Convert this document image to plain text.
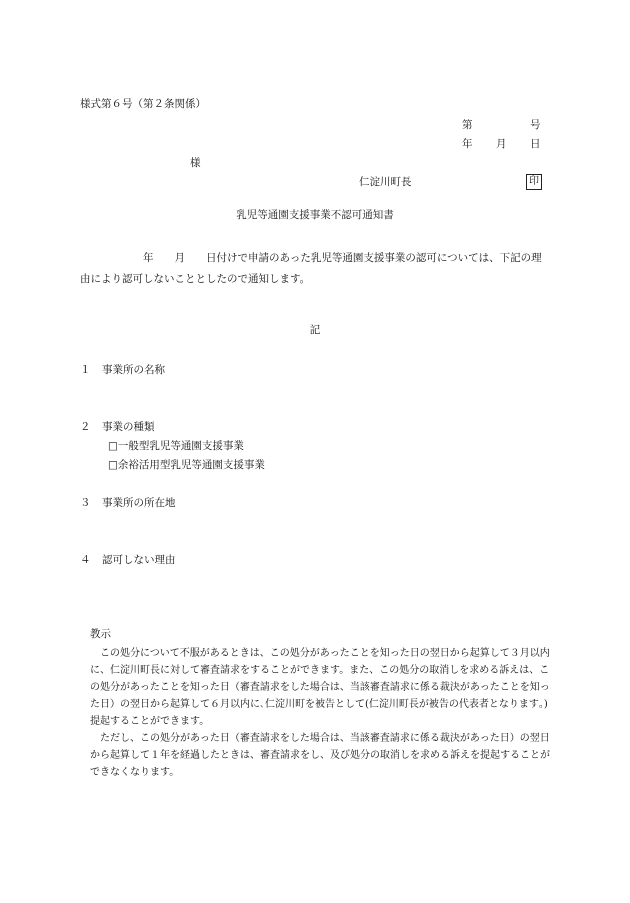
様式第６号（第２条関係）
第	号
年 月 日
様
仁淀川町長	印
乳児等通園支援事業不認可通知書
　　　　　　年　　月　　日付けで申請のあった乳児等通園支援事業の認可については、下記の理
由により認可しないこととしたので通知します。
記
１ 事業所の名称
２ 事業の種類
□一般型乳児等通園支援事業
□余裕活用型乳児等通園支援事業
３ 事業所の所在地
４ 認可しない理由
教示
　この処分について不服があるときは、この処分があったことを知った日の翌日から起算して３月以内
に、仁淀川町長に対して審査請求をすることができます。また、この処分の取消しを求める訴えは、こ
の処分があったことを知った日（審査請求をした場合は、当該審査請求に係る裁決があったことを知っ
た日）の翌日から起算して６月以内に､仁淀川町を被告として(仁淀川町長が被告の代表者となります｡)
提起することができます。
　ただし、この処分があった日（審査請求をした場合は、当該審査請求に係る裁決があった日）の翌日
から起算して１年を経過したときは、審査請求をし、及び処分の取消しを求める訴えを提起することが
できなくなります。
